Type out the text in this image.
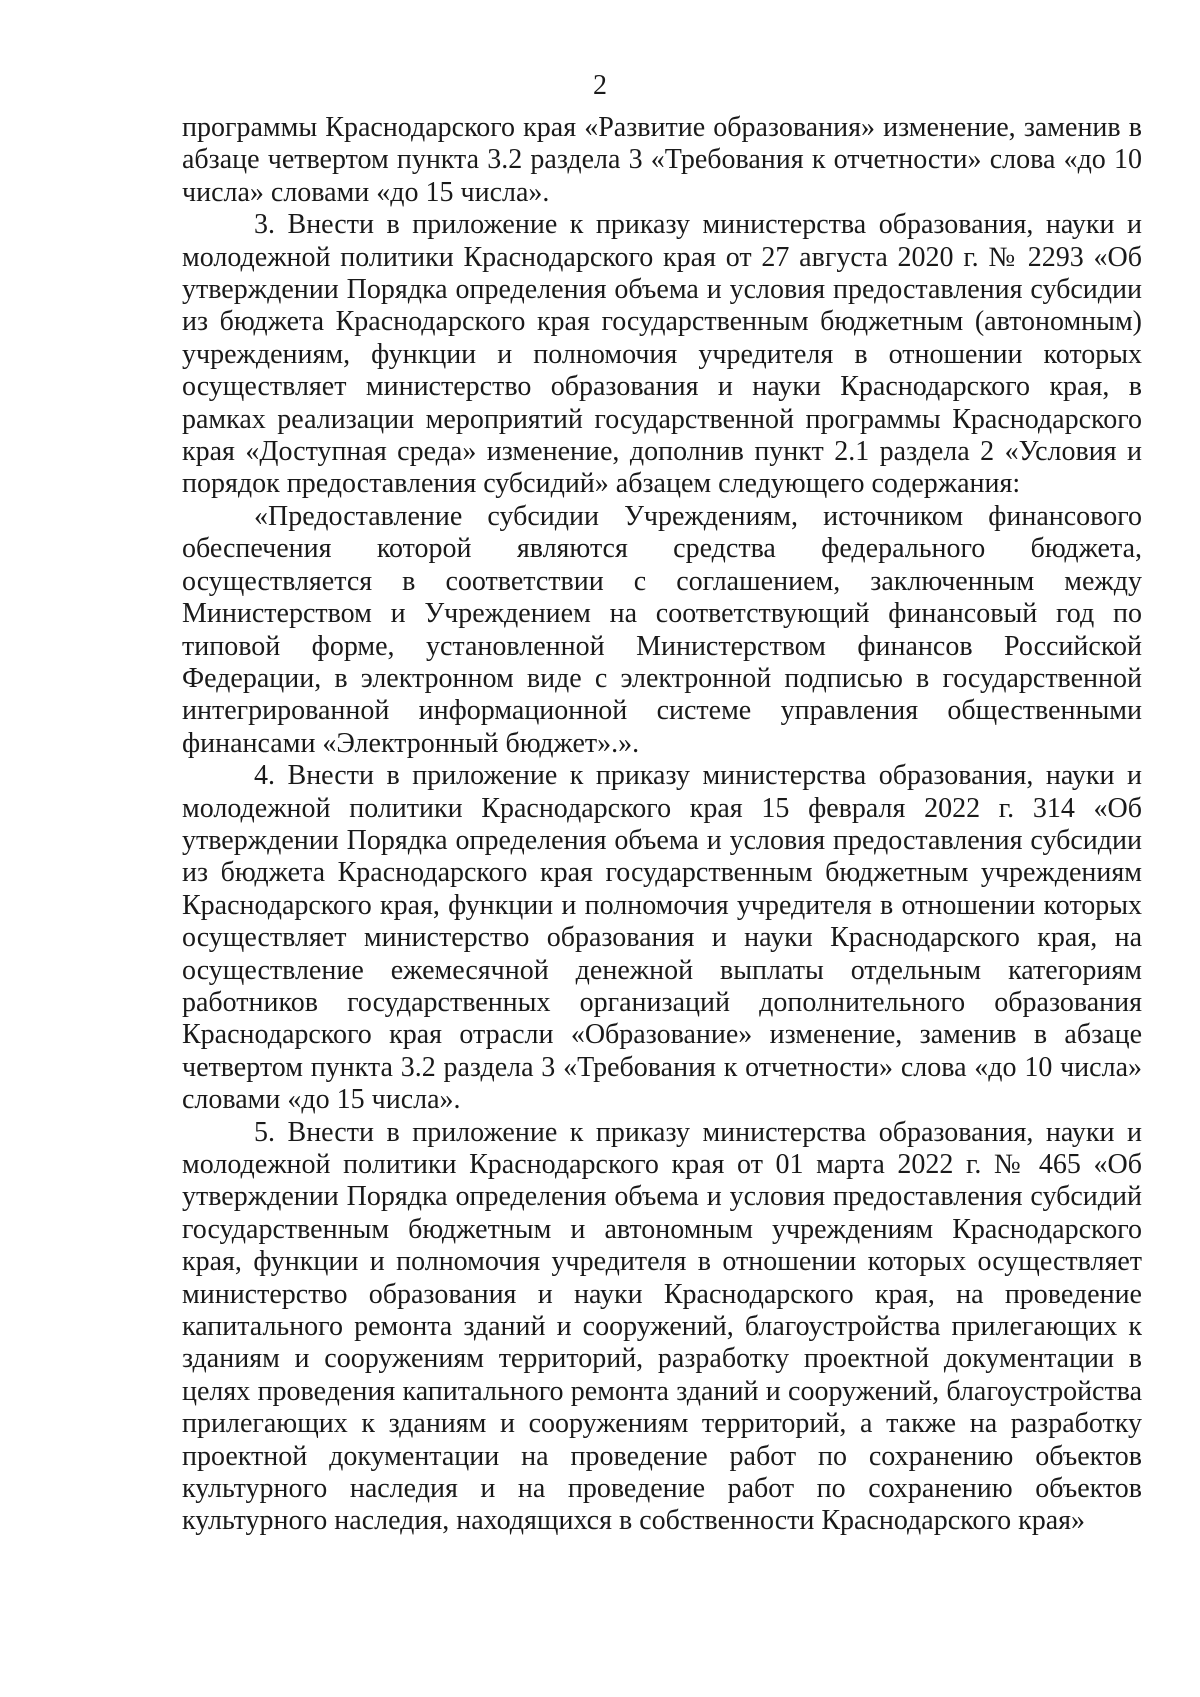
2

программы Краснодарского края «Развитие образования» изменение, заменив в абзаце четвертом пункта 3.2 раздела 3 «Требования к отчетности» слова «до 10 числа» словами «до 15 числа».

3. Внести в приложение к приказу министерства образования, науки и молодежной политики Краснодарского края от 27 августа 2020 г. № 2293 «Об утверждении Порядка определения объема и условия предоставления субсидии из бюджета Краснодарского края государственным бюджетным (автономным) учреждениям, функции и полномочия учредителя в отношении которых осуществляет министерство образования и науки Краснодарского края, в рамках реализации мероприятий государственной программы Краснодарского края «Доступная среда» изменение, дополнив пункт 2.1 раздела 2 «Условия и порядок предоставления субсидий» абзацем следующего содержания:

«Предоставление субсидии Учреждениям, источником финансового обеспечения которой являются средства федерального бюджета, осуществляется в соответствии с соглашением, заключенным между Министерством и Учреждением на соответствующий финансовый год по типовой форме, установленной Министерством финансов Российской Федерации, в электронном виде с электронной подписью в государственной интегрированной информационной системе управления общественными финансами «Электронный бюджет».».

4. Внести в приложение к приказу министерства образования, науки и молодежной политики Краснодарского края 15 февраля 2022 г. 314 «Об утверждении Порядка определения объема и условия предоставления субсидии из бюджета Краснодарского края государственным бюджетным учреждениям Краснодарского края, функции и полномочия учредителя в отношении которых осуществляет министерство образования и науки Краснодарского края, на осуществление ежемесячной денежной выплаты отдельным категориям работников государственных организаций дополнительного образования Краснодарского края отрасли «Образование» изменение, заменив в абзаце четвертом пункта 3.2 раздела 3 «Требования к отчетности» слова «до 10 числа» словами «до 15 числа».

5. Внести в приложение к приказу министерства образования, науки и молодежной политики Краснодарского края от 01 марта 2022 г. № 465 «Об утверждении Порядка определения объема и условия предоставления субсидий государственным бюджетным и автономным учреждениям Краснодарского края, функции и полномочия учредителя в отношении которых осуществляет министерство образования и науки Краснодарского края, на проведение капитального ремонта зданий и сооружений, благоустройства прилегающих к зданиям и сооружениям территорий, разработку проектной документации в целях проведения капитального ремонта зданий и сооружений, благоустройства прилегающих к зданиям и сооружениям территорий, а также на разработку проектной документации на проведение работ по сохранению объектов культурного наследия и на проведение работ по сохранению объектов культурного наследия, находящихся в собственности Краснодарского края»
